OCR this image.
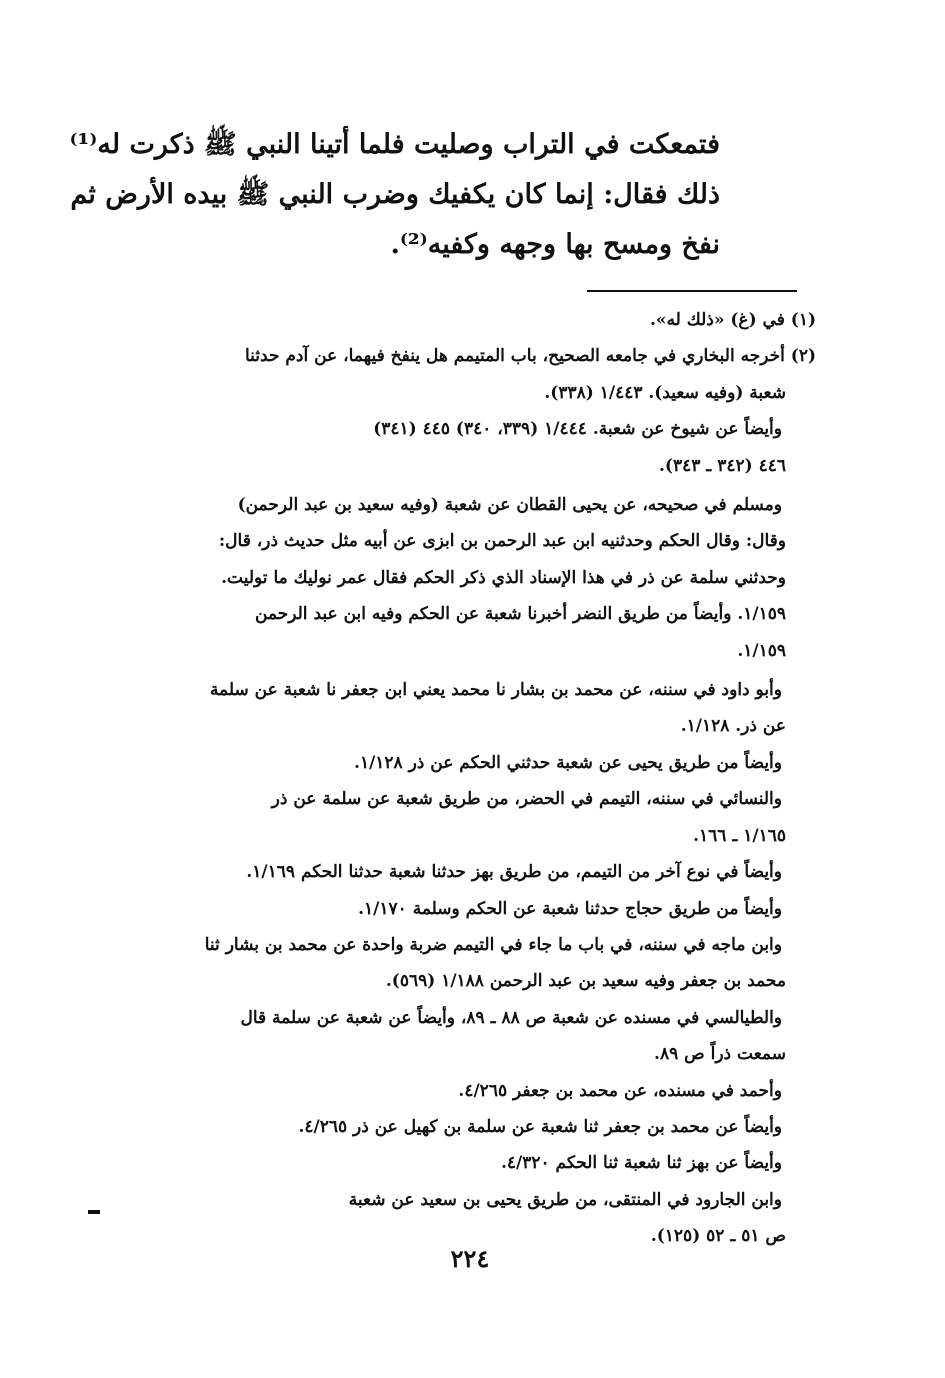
فتمعكت في التراب وصليت فلما أتينا النبي ﷺ ذكرت له⁽¹⁾
ذلك فقال: إنما كان يكفيك وضرب النبي ﷺ بيده الأرض ثم
نفخ ومسح بها وجهه وكفيه⁽²⁾.
(١) في (غ) «ذلك له».
(٢) أخرجه البخاري في جامعه الصحيح، باب المتيمم هل ينفخ فيهما، عن آدم حدثنا
شعبة (وفيه سعيد). ١/٤٤٣ (٣٣٨).
وأيضاً عن شيوخ عن شعبة. ١/٤٤٤ (٣٣٩، ٣٤٠) ٤٤٥ (٣٤١)
٤٤٦ (٣٤٢ ـ ٣٤٣).
ومسلم في صحيحه، عن يحيى القطان عن شعبة (وفيه سعيد بن عبد الرحمن)
وقال: وقال الحكم وحدثنيه ابن عبد الرحمن بن ابزى عن أبيه مثل حديث ذر، قال:
وحدثني سلمة عن ذر في هذا الإسناد الذي ذكر الحكم فقال عمر نوليك ما توليت.
١/١٥٩. وأيضاً من طريق النضر أخبرنا شعبة عن الحكم وفيه ابن عبد الرحمن
١/١٥٩.
وأبو داود في سننه، عن محمد بن بشار نا محمد يعني ابن جعفر نا شعبة عن سلمة
عن ذر. ١/١٢٨.
وأيضاً من طريق يحيى عن شعبة حدثني الحكم عن ذر ١/١٢٨.
والنسائي في سننه، التيمم في الحضر، من طريق شعبة عن سلمة عن ذر
١/١٦٥ ـ ١٦٦.
وأيضاً في نوع آخر من التيمم، من طريق بهز حدثنا شعبة حدثنا الحكم ١/١٦٩.
وأيضاً من طريق حجاج حدثنا شعبة عن الحكم وسلمة ١/١٧٠.
وابن ماجه في سننه، في باب ما جاء في التيمم ضربة واحدة عن محمد بن بشار ثنا
محمد بن جعفر وفيه سعيد بن عبد الرحمن ١/١٨٨ (٥٦٩).
والطيالسي في مسنده عن شعبة ص ٨٨ ـ ٨٩، وأيضاً عن شعبة عن سلمة قال
سمعت ذراً ص ٨٩.
وأحمد في مسنده، عن محمد بن جعفر ٤/٢٦٥.
وأيضاً عن محمد بن جعفر ثنا شعبة عن سلمة بن كهيل عن ذر ٤/٢٦٥.
وأيضاً عن بهز ثنا شعبة ثنا الحكم ٤/٣٢٠.
وابن الجارود في المنتقى، من طريق يحيى بن سعيد عن شعبة
ص ٥١ ـ ٥٢ (١٢٥).
٢٢٤
